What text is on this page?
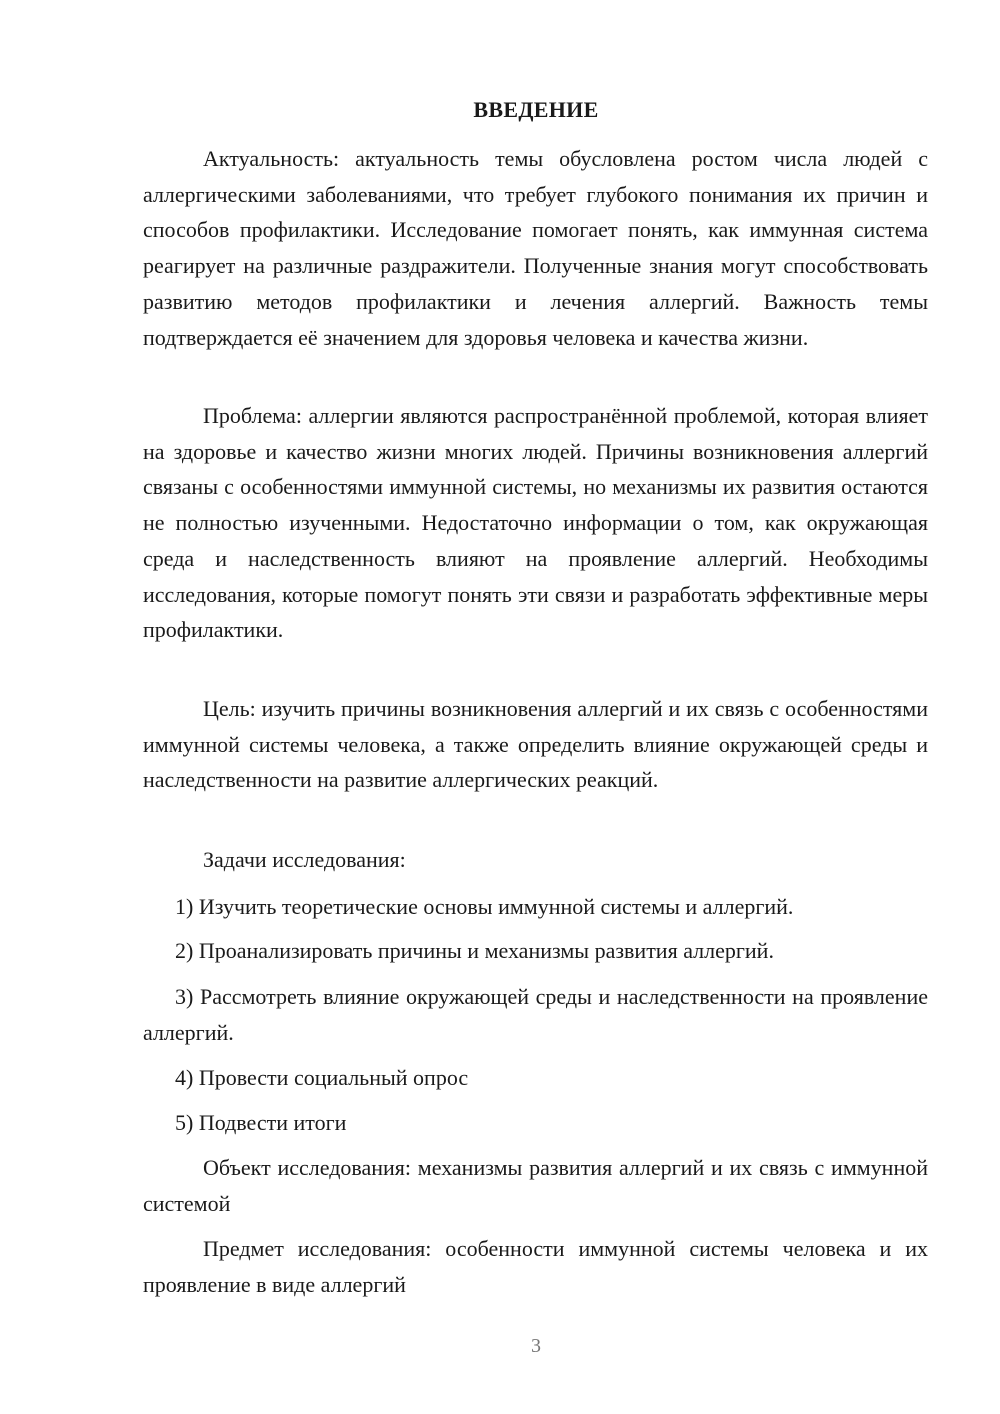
ВВЕДЕНИЕ

Актуальность: актуальность темы обусловлена ростом числа людей с аллергическими заболеваниями, что требует глубокого понимания их причин и способов профилактики. Исследование помогает понять, как иммунная система реагирует на различные раздражители. Полученные знания могут способствовать развитию методов профилактики и лечения аллергий. Важность темы подтверждается её значением для здоровья человека и качества жизни.

Проблема: аллергии являются распространённой проблемой, которая влияет на здоровье и качество жизни многих людей. Причины возникновения аллергий связаны с особенностями иммунной системы, но механизмы их развития остаются не полностью изученными. Недостаточно информации о том, как окружающая среда и наследственность влияют на проявление аллергий. Необходимы исследования, которые помогут понять эти связи и разработать эффективные меры профилактики.

Цель: изучить причины возникновения аллергий и их связь с особенностями иммунной системы человека, а также определить влияние окружающей среды и наследственности на развитие аллергических реакций.

Задачи исследования:

1) Изучить теоретические основы иммунной системы и аллергий.

2) Проанализировать причины и механизмы развития аллергий.

3) Рассмотреть влияние окружающей среды и наследственности на проявление аллергий.

4) Провести социальный опрос

5) Подвести итоги

Объект исследования: механизмы развития аллергий и их связь с иммунной системой

Предмет исследования: особенности иммунной системы человека и их проявление в виде аллергий

3
